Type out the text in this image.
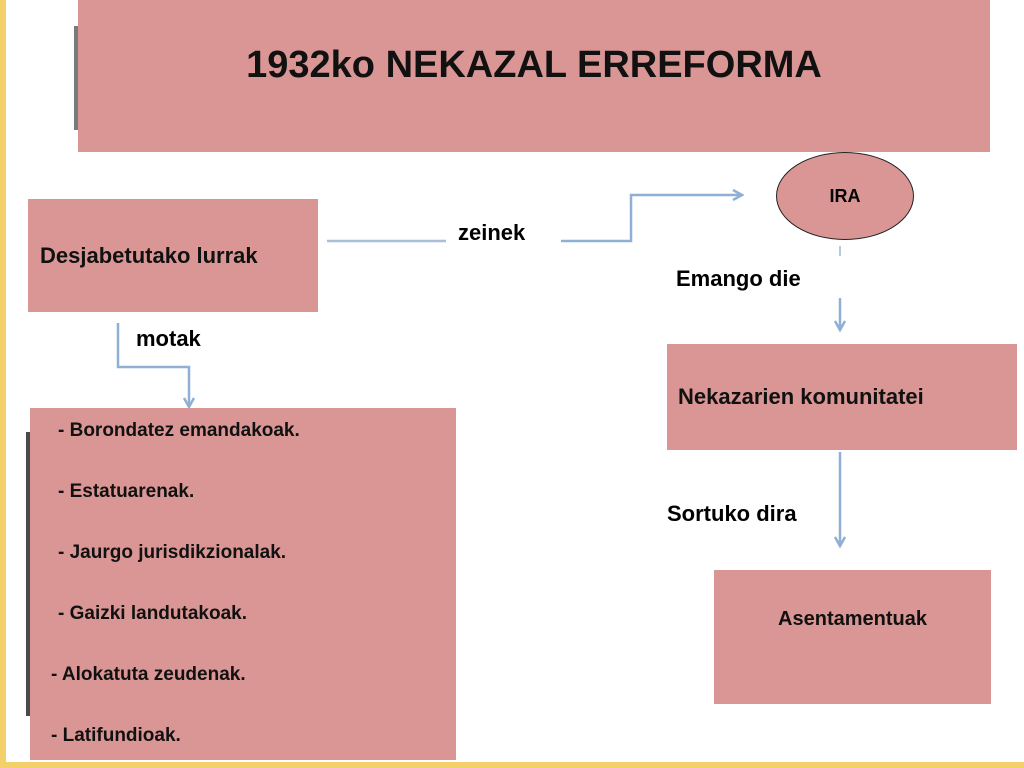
1932ko NEKAZAL ERREFORMA
Desjabetutako lurrak
zeinek
motak
IRA
Emango die
Nekazarien komunitatei
Sortuko dira
Asentamentuak
- Borondatez emandakoak.
- Estatuarenak.
- Jaurgo jurisdikzionalak.
- Gaizki landutakoak.
- Alokatuta zeudenak.
- Latifundioak.
